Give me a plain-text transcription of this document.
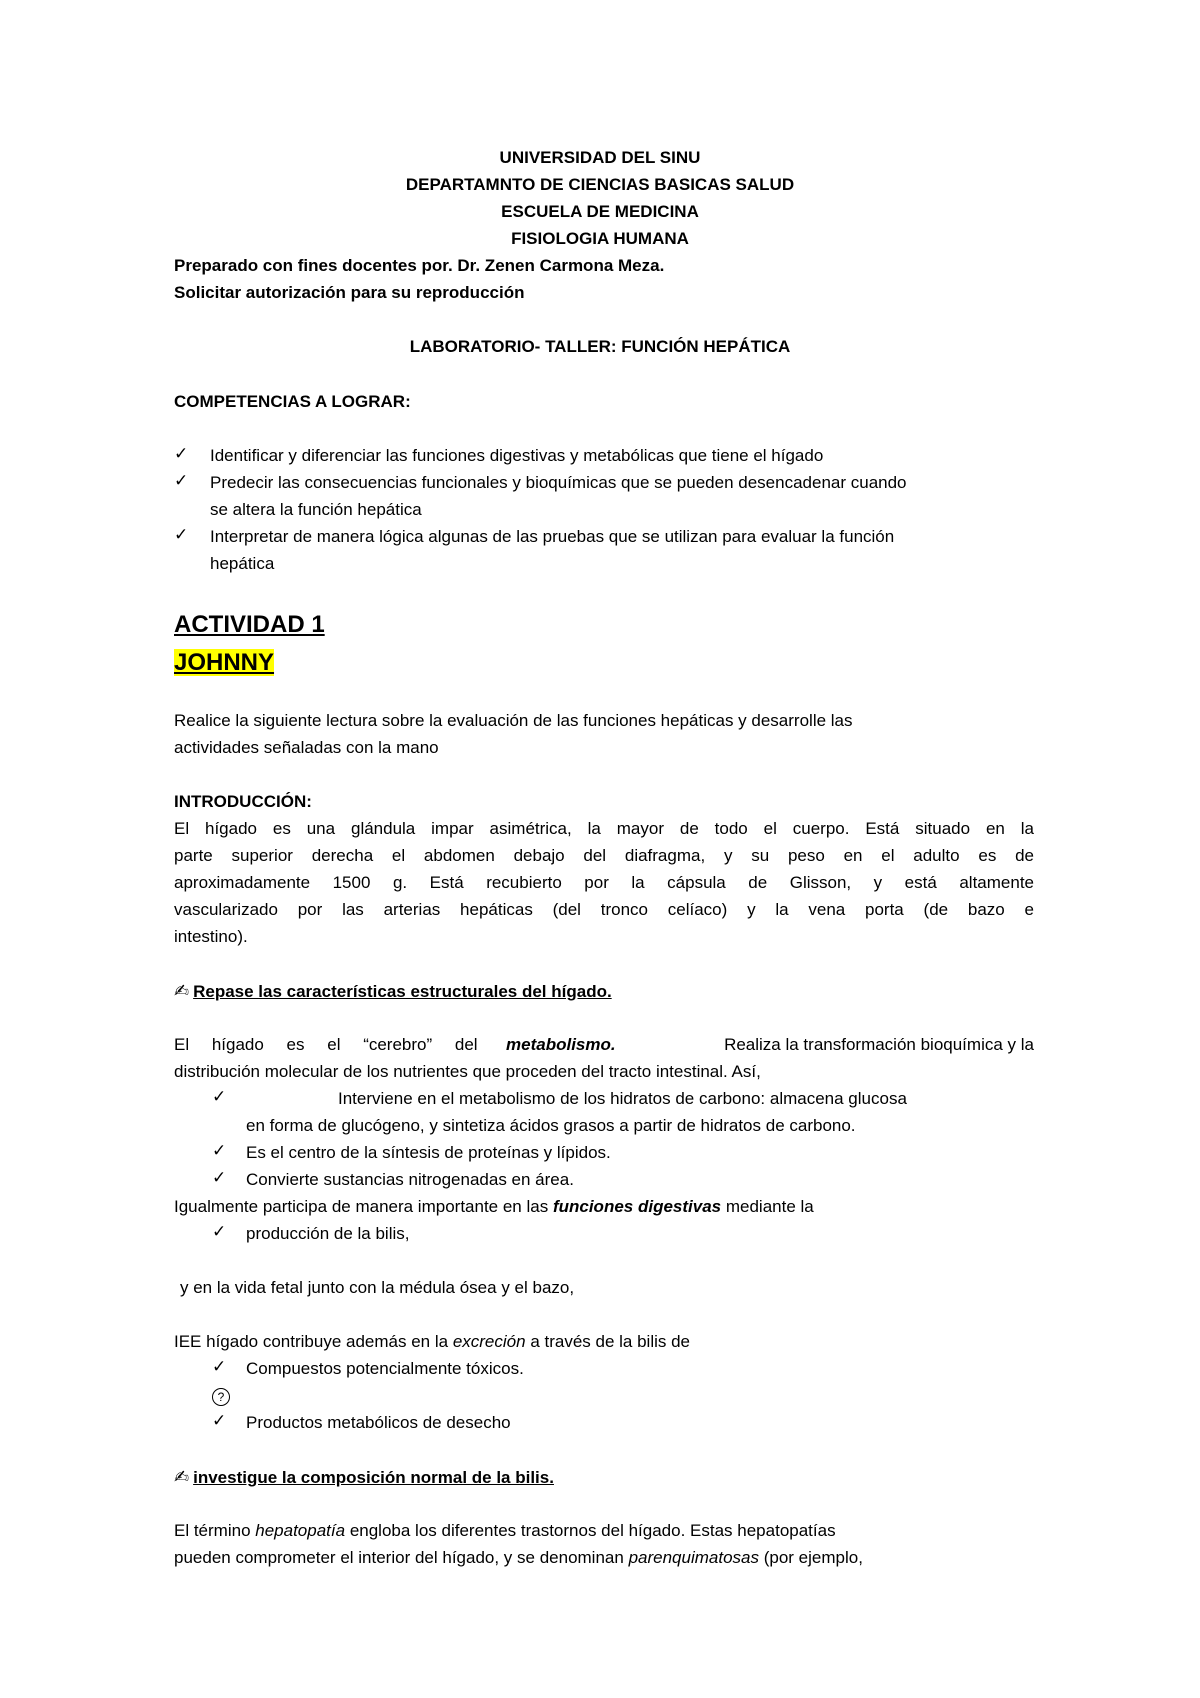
UNIVERSIDAD DEL SINU
DEPARTAMNTO DE CIENCIAS BASICAS SALUD
ESCUELA DE MEDICINA
FISIOLOGIA HUMANA
Preparado con fines docentes por. Dr. Zenen Carmona Meza.
Solicitar autorización para su reproducción
LABORATORIO- TALLER: FUNCIÓN HEPÁTICA
COMPETENCIAS A LOGRAR:
✓ Identificar y diferenciar las funciones digestivas y metabólicas que tiene el hígado
✓ Predecir las consecuencias funcionales y bioquímicas que se pueden desencadenar cuando
se altera la función hepática
✓ Interpretar de manera lógica algunas de las pruebas que se utilizan para evaluar la función
hepática
ACTIVIDAD 1
JOHNNY
Realice la siguiente lectura sobre la evaluación de las funciones hepáticas y desarrolle las
actividades señaladas con la mano
INTRODUCCIÓN:
El hígado es una glándula impar asimétrica, la mayor de todo el cuerpo. Está situado en la
parte superior derecha el abdomen debajo del diafragma, y su peso en el adulto es de
aproximadamente 1500 g. Está recubierto por la cápsula de Glisson, y está altamente
vascularizado por las arterias hepáticas (del tronco celíaco) y la vena porta (de bazo e
intestino).
✍ Repase las características estructurales del hígado.
El hígado es el “cerebro” del metabolismo.	Realiza la transformación bioquímica y la
distribución molecular de los nutrientes que proceden del tracto intestinal. Así,
✓	Interviene en el metabolismo de los hidratos de carbono: almacena glucosa
en forma de glucógeno, y sintetiza ácidos grasos a partir de hidratos de carbono.
✓ Es el centro de la síntesis de proteínas y lípidos.
✓ Convierte sustancias nitrogenadas en área.
Igualmente participa de manera importante en las funciones digestivas mediante la
✓ producción de la bilis,
y en la vida fetal junto con la médula ósea y el bazo,
IEE hígado contribuye además en la excreción a través de la bilis de
✓ Compuestos potencialmente tóxicos.
?
✓ Productos metabólicos de desecho
✍ investigue la composición normal de la bilis.
El término hepatopatía engloba los diferentes trastornos del hígado. Estas hepatopatías
pueden comprometer el interior del hígado, y se denominan parenquimatosas (por ejemplo,
